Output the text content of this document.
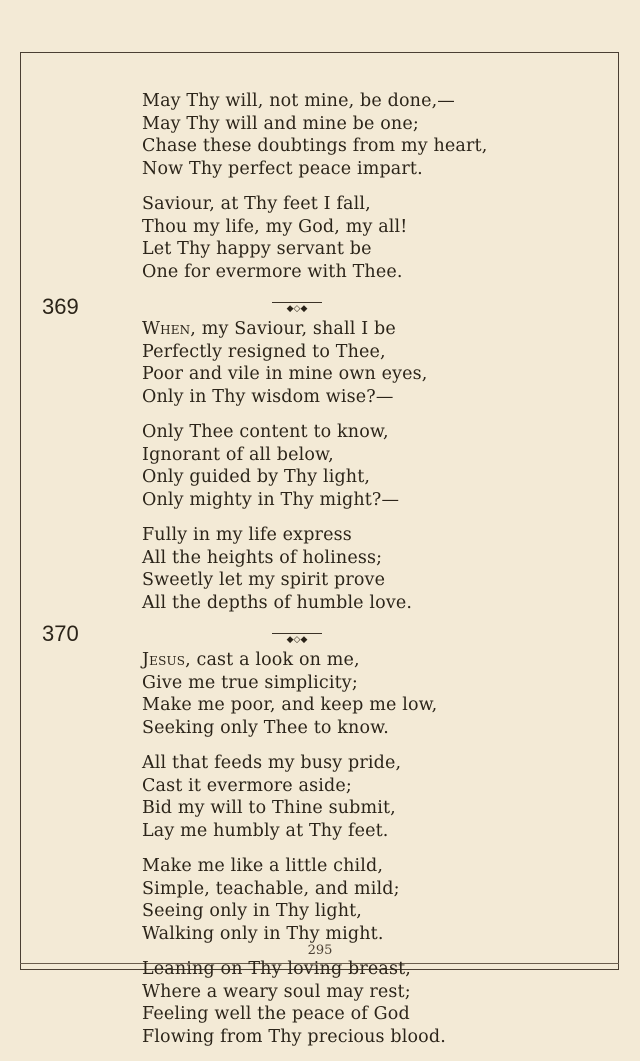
May Thy will, not mine, be done,—
May Thy will and mine be one;
Chase these doubtings from my heart,
Now Thy perfect peace impart.
Saviour, at Thy feet I fall,
Thou my life, my God, my all!
Let Thy happy servant be
One for evermore with Thee.
◆◇◆
369
When, my Saviour, shall I be
Perfectly resigned to Thee,
Poor and vile in mine own eyes,
Only in Thy wisdom wise?—
Only Thee content to know,
Ignorant of all below,
Only guided by Thy light,
Only mighty in Thy might?—
Fully in my life express
All the heights of holiness;
Sweetly let my spirit prove
All the depths of humble love.
◆◇◆
370
Jesus, cast a look on me,
Give me true simplicity;
Make me poor, and keep me low,
Seeking only Thee to know.
All that feeds my busy pride,
Cast it evermore aside;
Bid my will to Thine submit,
Lay me humbly at Thy feet.
Make me like a little child,
Simple, teachable, and mild;
Seeing only in Thy light,
Walking only in Thy might.
Leaning on Thy loving breast,
Where a weary soul may rest;
Feeling well the peace of God
Flowing from Thy precious blood.
295
